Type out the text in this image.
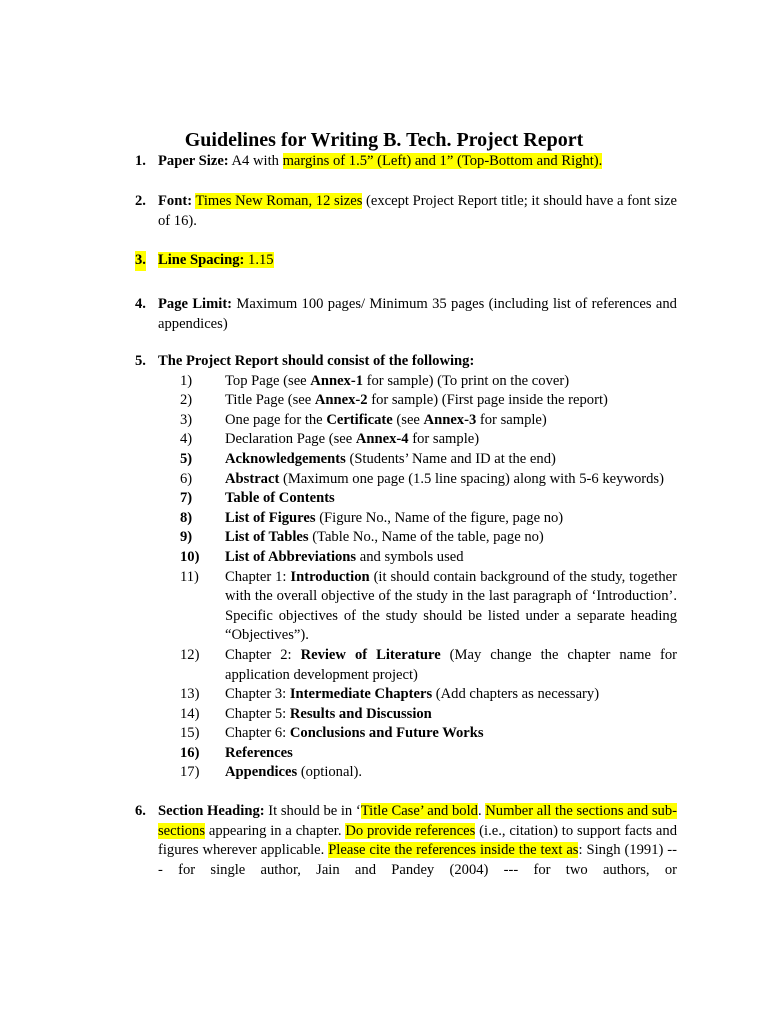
Guidelines for Writing B. Tech. Project Report
1. Paper Size: A4 with margins of 1.5” (Left) and 1” (Top-Bottom and Right).
2. Font: Times New Roman, 12 sizes (except Project Report title; it should have a font size of 16).
3. Line Spacing: 1.15
4. Page Limit: Maximum 100 pages/ Minimum 35 pages (including list of references and appendices)
5. The Project Report should consist of the following:
1) Top Page (see Annex-1 for sample) (To print on the cover)
2) Title Page (see Annex-2 for sample) (First page inside the report)
3) One page for the Certificate (see Annex-3 for sample)
4) Declaration Page (see Annex-4 for sample)
5) Acknowledgements (Students’ Name and ID at the end)
6) Abstract (Maximum one page (1.5 line spacing) along with 5-6 keywords)
7) Table of Contents
8) List of Figures (Figure No., Name of the figure, page no)
9) List of Tables (Table No., Name of the table, page no)
10) List of Abbreviations and symbols used
11) Chapter 1: Introduction (it should contain background of the study, together with the overall objective of the study in the last paragraph of ‘Introduction’. Specific objectives of the study should be listed under a separate heading “Objectives”).
12) Chapter 2: Review of Literature (May change the chapter name for application development project)
13) Chapter 3: Intermediate Chapters (Add chapters as necessary)
14) Chapter 5: Results and Discussion
15) Chapter 6: Conclusions and Future Works
16) References
17) Appendices (optional).
6. Section Heading: It should be in ‘Title Case’ and bold. Number all the sections and sub-sections appearing in a chapter. Do provide references (i.e., citation) to support facts and figures wherever applicable. Please cite the references inside the text as: Singh (1991) --- for single author, Jain and Pandey (2004) --- for two authors, or
